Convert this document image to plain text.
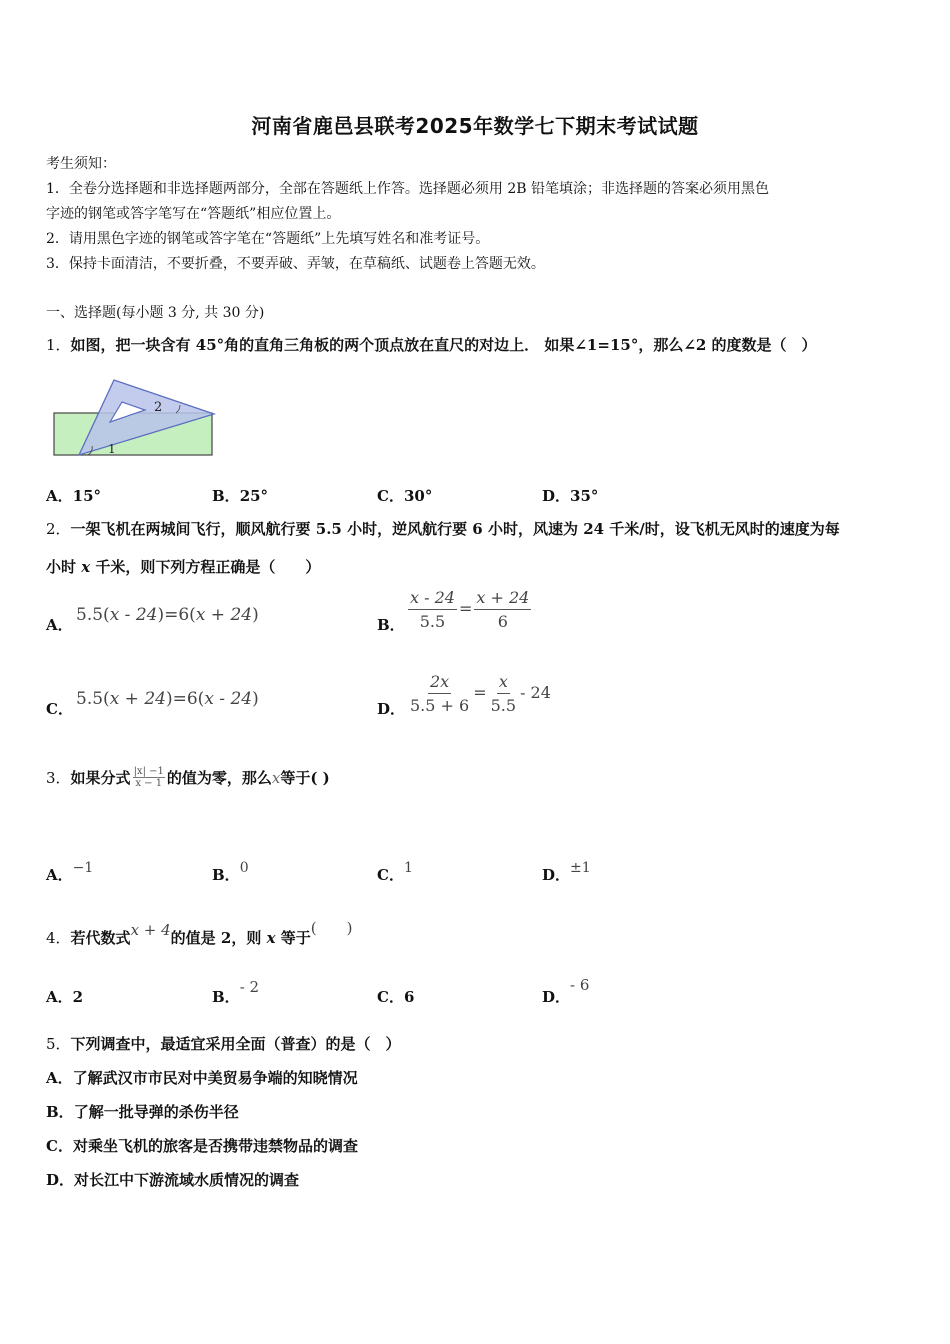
河南省鹿邑县联考2025年数学七下期末考试试题
考生须知：
1．全卷分选择题和非选择题两部分，全部在答题纸上作答。选择题必须用 2B 铅笔填涂；非选择题的答案必须用黑色
字迹的钢笔或答字笔写在“答题纸”相应位置上。
2．请用黑色字迹的钢笔或答字笔在“答题纸”上先填写姓名和准考证号。
3．保持卡面清洁，不要折叠，不要弄破、弄皱，在草稿纸、试题卷上答题无效。
一、选择题(每小题 3 分, 共 30 分)
1．如图，把一块含有 45°角的直角三角板的两个顶点放在直尺的对边上． 如果∠1=15°，那么∠2 的度数是（　）
2
1
A．15°	B．25°	C．30°	D．35°
2．一架飞机在两城间飞行，顺风航行要 5.5 小时，逆风航行要 6 小时，风速为 24 千米/时，设飞机无风时的速度为每
小时 x 千米，则下列方程正确是（　　）
A． 5.5(x - 24)=6(x + 24)	B． $\frac{x - 24}{5.5} = \frac{x + 24}{6}$
C． 5.5(x + 24)=6(x - 24)	D． $\frac{2x}{5.5 + 6} = \frac{x}{5.5} - 24$
3． 如果分式 $\frac{|x| -1}{x - 1}$ 的值为零，那么 x 等于( )
A．−1	B．0	C．1	D．±1
4．若代数式x + 4的值是 2，则 x 等于(　　)
A．2	B．- 2
C．6	D．- 6
5．下列调查中，最适宜采用全面（普查）的是（　）
A．了解武汉市市民对中美贸易争端的知晓情况
B．了解一批导弹的杀伤半径
C．对乘坐飞机的旅客是否携带违禁物品的调查
D．对长江中下游流域水质情况的调查
